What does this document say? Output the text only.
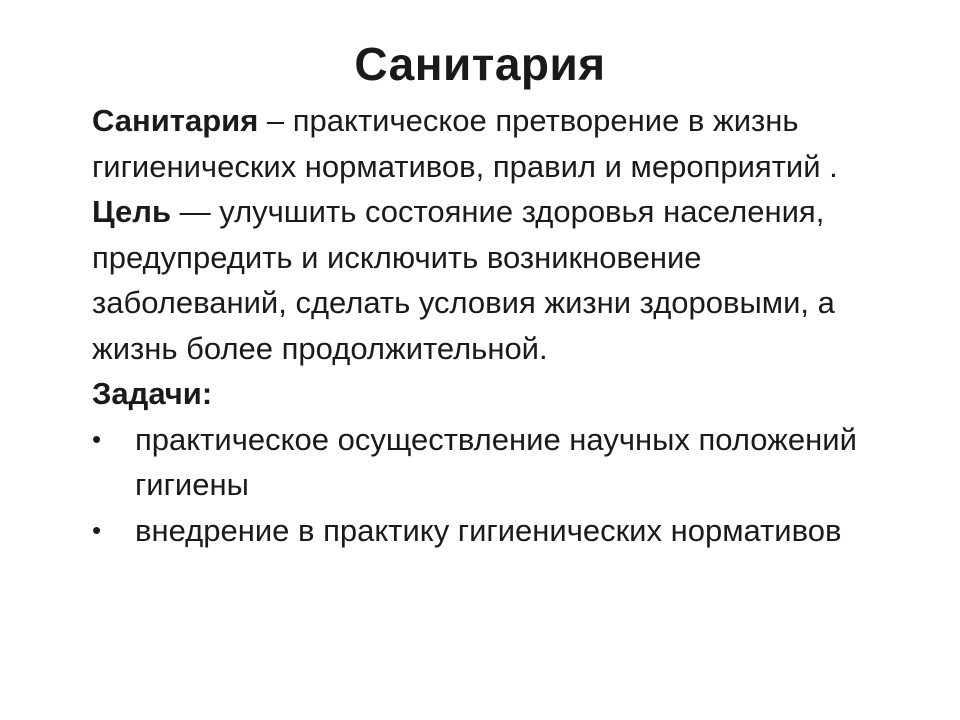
Санитария

Санитария – практическое претворение в жизнь гигиенических нормативов, правил и мероприятий .

Цель — улучшить состояние здоровья населения, предупредить и исключить возникновение заболеваний, сделать условия жизни здоровыми, а жизнь более продолжительной.

Задачи:

• практическое осуществление научных положений гигиены
• внедрение в практику гигиенических нормативов
